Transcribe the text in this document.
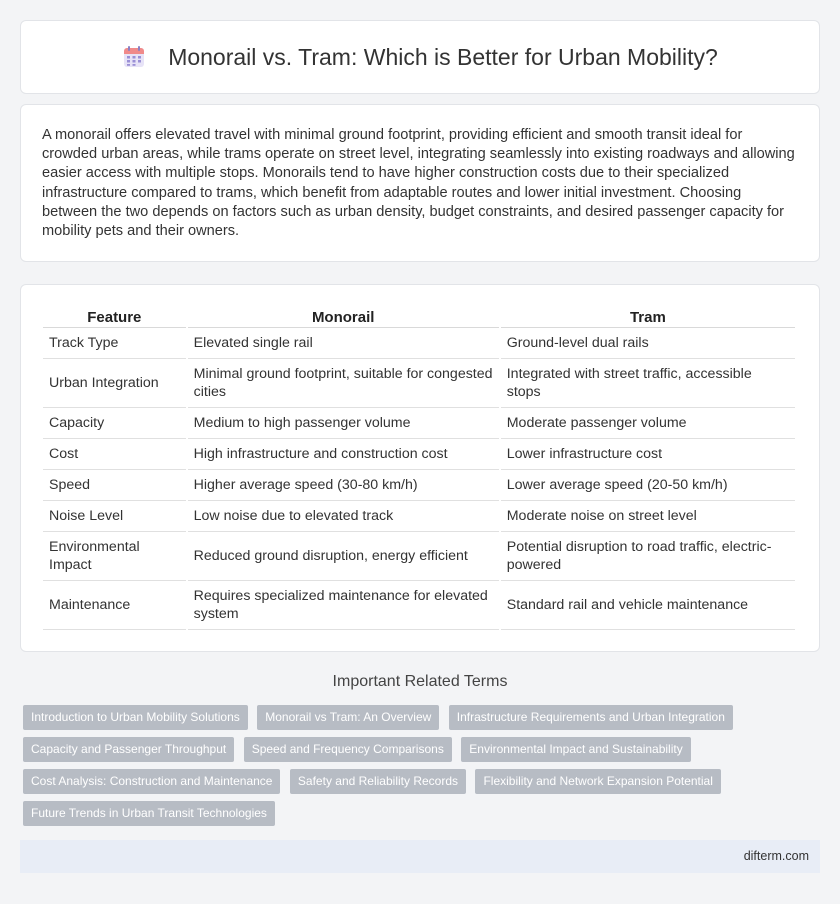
Monorail vs. Tram: Which is Better for Urban Mobility?

A monorail offers elevated travel with minimal ground footprint, providing efficient and smooth transit ideal for crowded urban areas, while trams operate on street level, integrating seamlessly into existing roadways and allowing easier access with multiple stops. Monorails tend to have higher construction costs due to their specialized infrastructure compared to trams, which benefit from adaptable routes and lower initial investment. Choosing between the two depends on factors such as urban density, budget constraints, and desired passenger capacity for mobility pets and their owners.

Feature	Monorail	Tram
Track Type	Elevated single rail	Ground-level dual rails
Urban Integration	Minimal ground footprint, suitable for congested cities	Integrated with street traffic, accessible stops
Capacity	Medium to high passenger volume	Moderate passenger volume
Cost	High infrastructure and construction cost	Lower infrastructure cost
Speed	Higher average speed (30-80 km/h)	Lower average speed (20-50 km/h)
Noise Level	Low noise due to elevated track	Moderate noise on street level
Environmental Impact	Reduced ground disruption, energy efficient	Potential disruption to road traffic, electric-powered
Maintenance	Requires specialized maintenance for elevated system	Standard rail and vehicle maintenance
Important Related Terms
Introduction to Urban Mobility Solutions Monorail vs Tram: An Overview Infrastructure Requirements and Urban Integration
Capacity and Passenger Throughput Speed and Frequency Comparisons Environmental Impact and Sustainability
Cost Analysis: Construction and Maintenance Safety and Reliability Records Flexibility and Network Expansion Potential
Future Trends in Urban Transit Technologies
difterm.com
